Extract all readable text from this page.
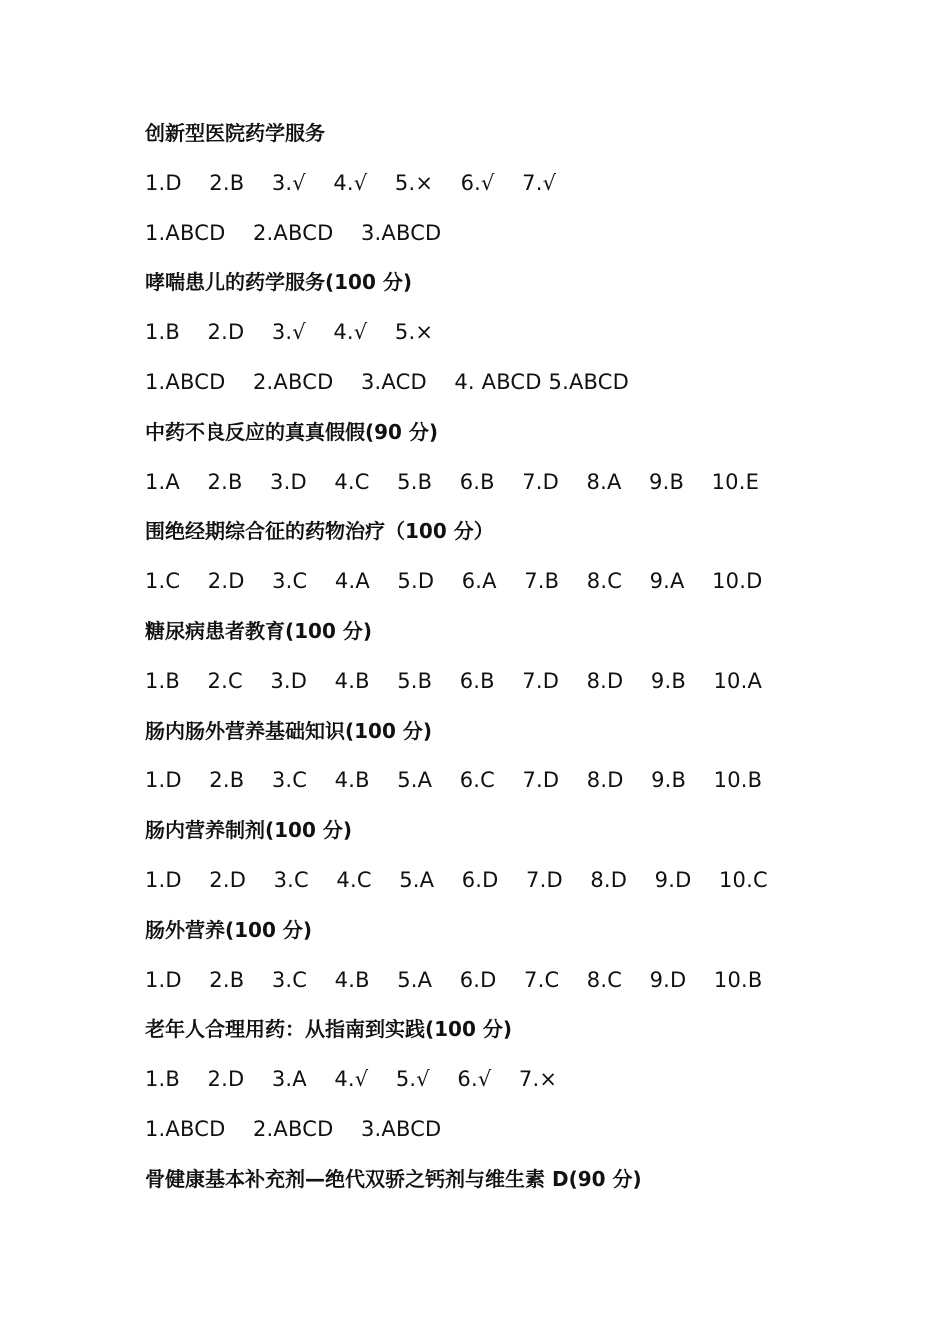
创新型医院药学服务
1.D    2.B    3.√    4.√    5.×    6.√    7.√
1.ABCD    2.ABCD    3.ABCD
哮喘患儿的药学服务(100 分)
1.B    2.D    3.√    4.√    5.×
1.ABCD    2.ABCD    3.ACD    4. ABCD 5.ABCD
中药不良反应的真真假假(90 分)
1.A    2.B    3.D    4.C    5.B    6.B    7.D    8.A    9.B    10.E
围绝经期综合征的药物治疗（100 分）
1.C    2.D    3.C    4.A    5.D    6.A    7.B    8.C    9.A    10.D
糖尿病患者教育(100 分)
1.B    2.C    3.D    4.B    5.B    6.B    7.D    8.D    9.B    10.A
肠内肠外营养基础知识(100 分)
1.D    2.B    3.C    4.B    5.A    6.C    7.D    8.D    9.B    10.B
肠内营养制剂(100 分)
1.D    2.D    3.C    4.C    5.A    6.D    7.D    8.D    9.D    10.C
肠外营养(100 分)
1.D    2.B    3.C    4.B    5.A    6.D    7.C    8.C    9.D    10.B
老年人合理用药：从指南到实践(100 分)
1.B    2.D    3.A    4.√    5.√    6.√    7.×
1.ABCD    2.ABCD    3.ABCD
骨健康基本补充剂—绝代双骄之钙剂与维生素 D(90 分)
